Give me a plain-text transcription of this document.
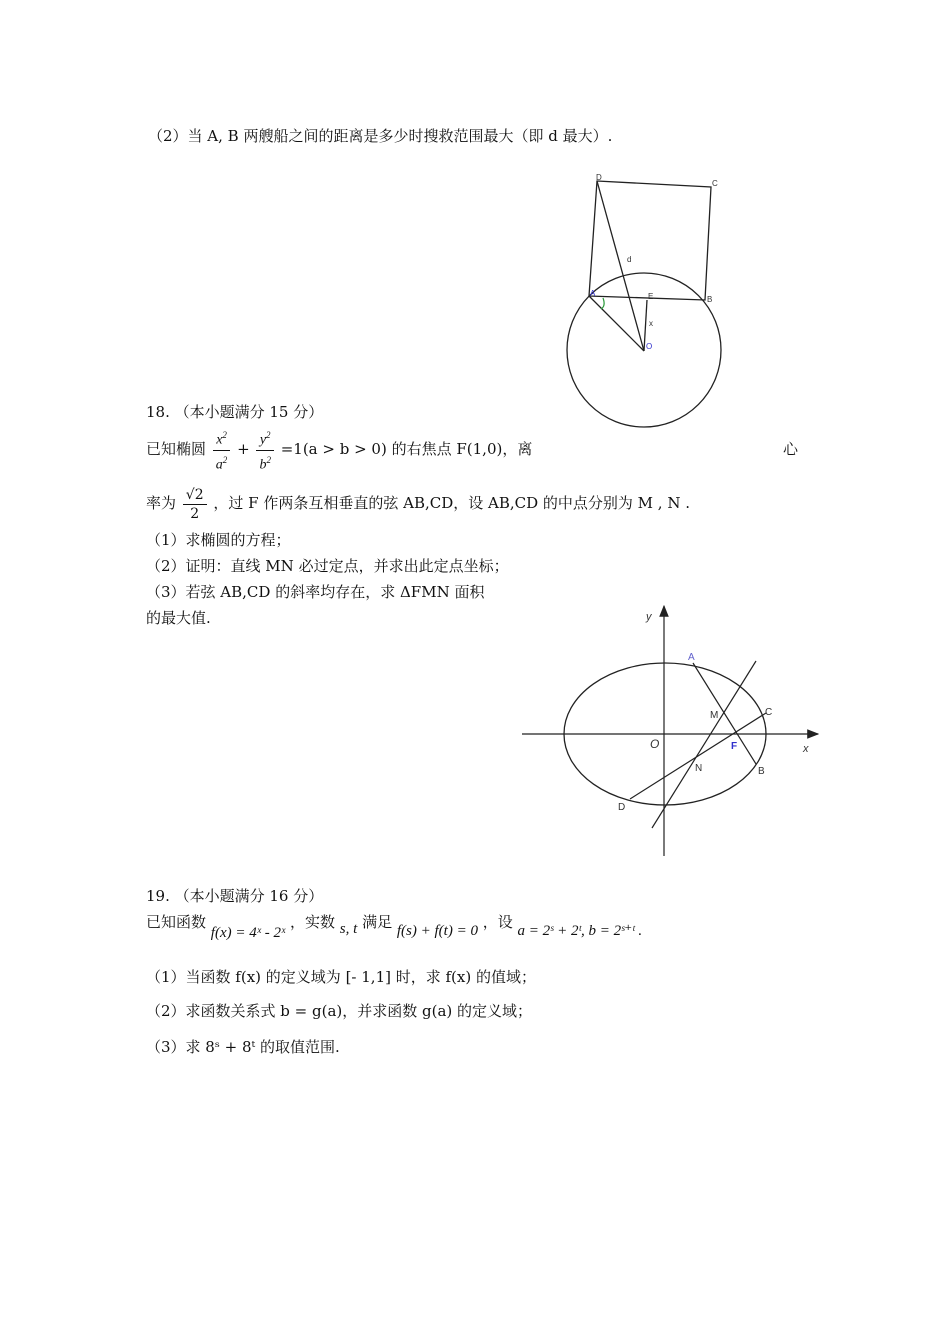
（2）当 A, B 两艘船之间的距离是多少时搜救范围最大（即 d 最大）.
D
C
d
A	E	B
x
O
18. （本小题满分 15 分）
已知椭圆 $\frac{x^2}{a^2} + \frac{y^2}{b^2} =1(a > b > 0)$ 的右焦点 F(1,0)，离	心
率为 $\frac{√2}{2}$ ，过 F 作两条互相垂直的弦 AB,CD，设 AB,CD 的中点分别为 M , N .
（1）求椭圆的方程；
（2）证明：直线 MN 必过定点，并求出此定点坐标；
（3）若弦 AB,CD 的斜率均存在，求 ΔFMN 面积
的最大值.	y
x
O
A
M	C
F
N	B
D
19. （本小题满分 16 分）
已知函数 f(x) = 4ˣ - 2ˣ ，实数 s, t 满足 f(s) + f(t) = 0 ，设 a = 2ˢ + 2ᵗ, b = 2ˢ⁺ᵗ .
（1）当函数 f(x) 的定义域为 [- 1,1] 时，求 f(x) 的值域；
（2）求函数关系式 b = g(a)，并求函数 g(a) 的定义域；
（3）求 8ˢ + 8ᵗ 的取值范围.
